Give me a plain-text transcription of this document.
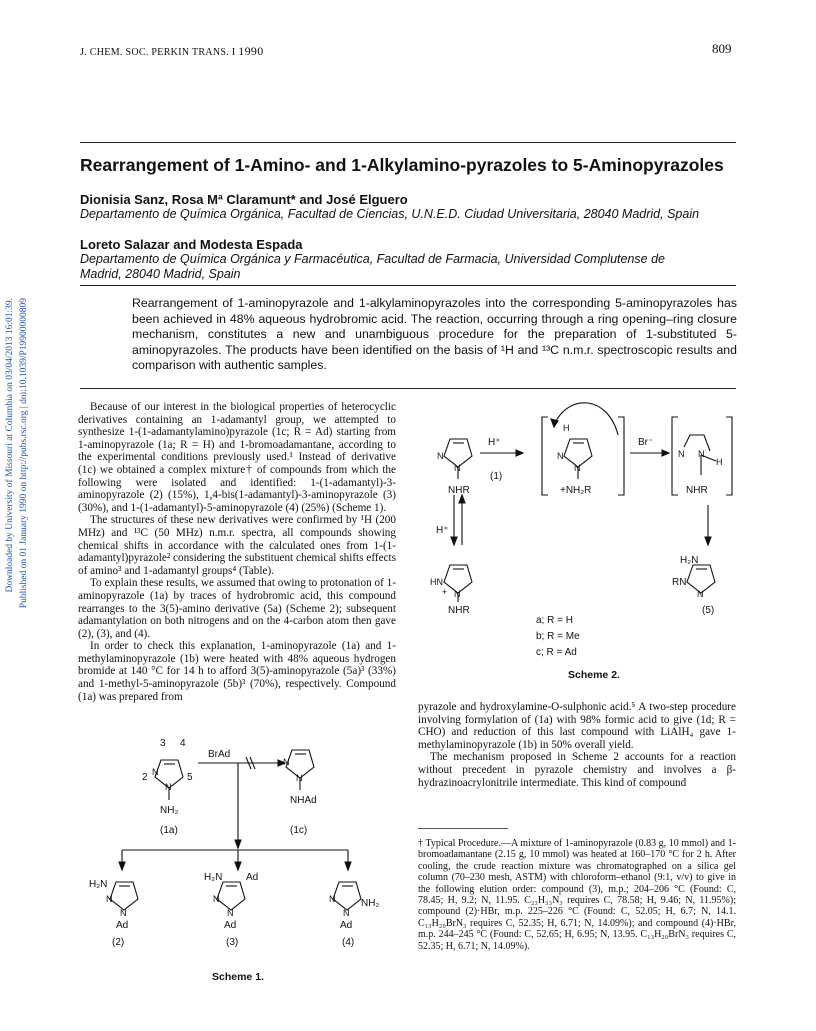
Downloaded by University of Missouri at Columbia on 03/04/2013 16:01:39. Published on 01 January 1990 on http://pubs.rsc.org | doi:10.1039/P19900000809
J. CHEM. SOC. PERKIN TRANS. I 1990	809
Rearrangement of 1-Amino- and 1-Alkylamino-pyrazoles to 5-Aminopyrazoles
Dionisia Sanz, Rosa Mª Claramunt* and José Elguero
Departamento de Química Orgánica, Facultad de Ciencias, U.N.E.D. Ciudad Universitaria, 28040 Madrid, Spain
Loreto Salazar and Modesta Espada
Departamento de Química Orgánica y Farmacéutica, Facultad de Farmacia, Universidad Complutense de Madrid, 28040 Madrid, Spain
Rearrangement of 1-aminopyrazole and 1-alkylaminopyrazoles into the corresponding 5-aminopyrazoles has been achieved in 48% aqueous hydrobromic acid. The reaction, occurring through a ring opening–ring closure mechanism, constitutes a new and unambiguous procedure for the preparation of 1-substituted 5-aminopyrazoles. The products have been identified on the basis of ¹H and ¹³C n.m.r. spectroscopic results and comparison with authentic samples.

Because of our interest in the biological properties of heterocyclic derivatives containing an 1-adamantyl group, we attempted to synthesize 1-(1-adamantylamino)pyrazole (1c; R = Ad) starting from 1-aminopyrazole (1a; R = H) and 1-bromoadamantane, according to the experimental conditions previously used.¹ Instead of derivative (1c) we obtained a complex mixture† of compounds from which the following were isolated and identified: 1-(1-adamantyl)-3-aminopyrazole (2) (15%), 1,4-bis(1-adamantyl)-3-aminopyrazole (3) (30%), and 1-(1-adamantyl)-5-aminopyrazole (4) (25%) (Scheme 1).

The structures of these new derivatives were confirmed by ¹H (200 MHz) and ¹³C (50 MHz) n.m.r. spectra, all compounds showing chemical shifts in accordance with the calculated ones from 1-(1-adamantyl)pyrazole² considering the substituent chemical shifts effects of amino³ and 1-adamantyl groups⁴ (Table).

To explain these results, we assumed that owing to protonation of 1-aminopyrazole (1a) by traces of hydrobromic acid, this compound rearranges to the 3(5)-amino derivative (5a) (Scheme 2); subsequent adamantylation on both nitrogens and on the 4-carbon atom then gave (2), (3), and (4).

In order to check this explanation, 1-aminopyrazole (1a) and 1-methylaminopyrazole (1b) were heated with 48% aqueous hydrogen bromide at 140 °C for 14 h to afford 3(5)-aminopyrazole (5a)³ (33%) and 1-methyl-5-aminopyrazole (5b)³ (70%), respectively. Compound (1a) was prepared from

3 4
2	5
N
N
NH₂
(1a)
BrAd
N
N
NHAd
(1c)
H₂N
N
N
Ad
(2)
H₂N Ad
N
N
Ad
(3)
N
N
NH₂
Ad
(4)
Scheme 1.
N
N
NHR
H⁺
(1)
N
N
+NH₂R
H
Br⁻
N N
H
NHR
H⁺
HN
+ N
NHR
H₂N
RN
N
(5)
a; R = H
b; R = Me
c; R = Ad
Scheme 2.

pyrazole and hydroxylamine-O-sulphonic acid.⁵ A two-step procedure involving formylation of (1a) with 98% formic acid to give (1d; R = CHO) and reduction of this last compound with LiAlH₄ gave 1-methylaminopyrazole (1b) in 50% overall yield.

The mechanism proposed in Scheme 2 accounts for a reaction without precedent in pyrazole chemistry and involves a β-hydrazinoacrylonitrile intermediate. This kind of compound

† Typical Procedure.—A mixture of 1-aminopyrazole (0.83 g, 10 mmol) and 1-bromoadamantane (2.15 g, 10 mmol) was heated at 160–170 °C for 2 h. After cooling, the crude reaction mixture was chromatographed on a silica gel column (70–230 mesh, ASTM) with chloroform–ethanol (9:1, v/v) to give in the following elution order: compound (3), m.p.; 204–206 °C (Found: C, 78.45; H, 9.2; N, 11.95. C₂₃H₃₃N₃ requires C, 78.58; H, 9.46; N, 11.95%); compound (2)·HBr, m.p. 225–226 °C (Found: C, 52.05; H, 6.7; N, 14.1. C₁₃H₂₀BrN₃ requires C, 52.35; H, 6.71; N, 14.09%); and compound (4)·HBr, m.p. 244–245 °C (Found: C, 52.65; H, 6.95; N, 13.95. C₁₃H₂₀BrN₃ requires C, 52.35; H, 6.71; N, 14.09%).
